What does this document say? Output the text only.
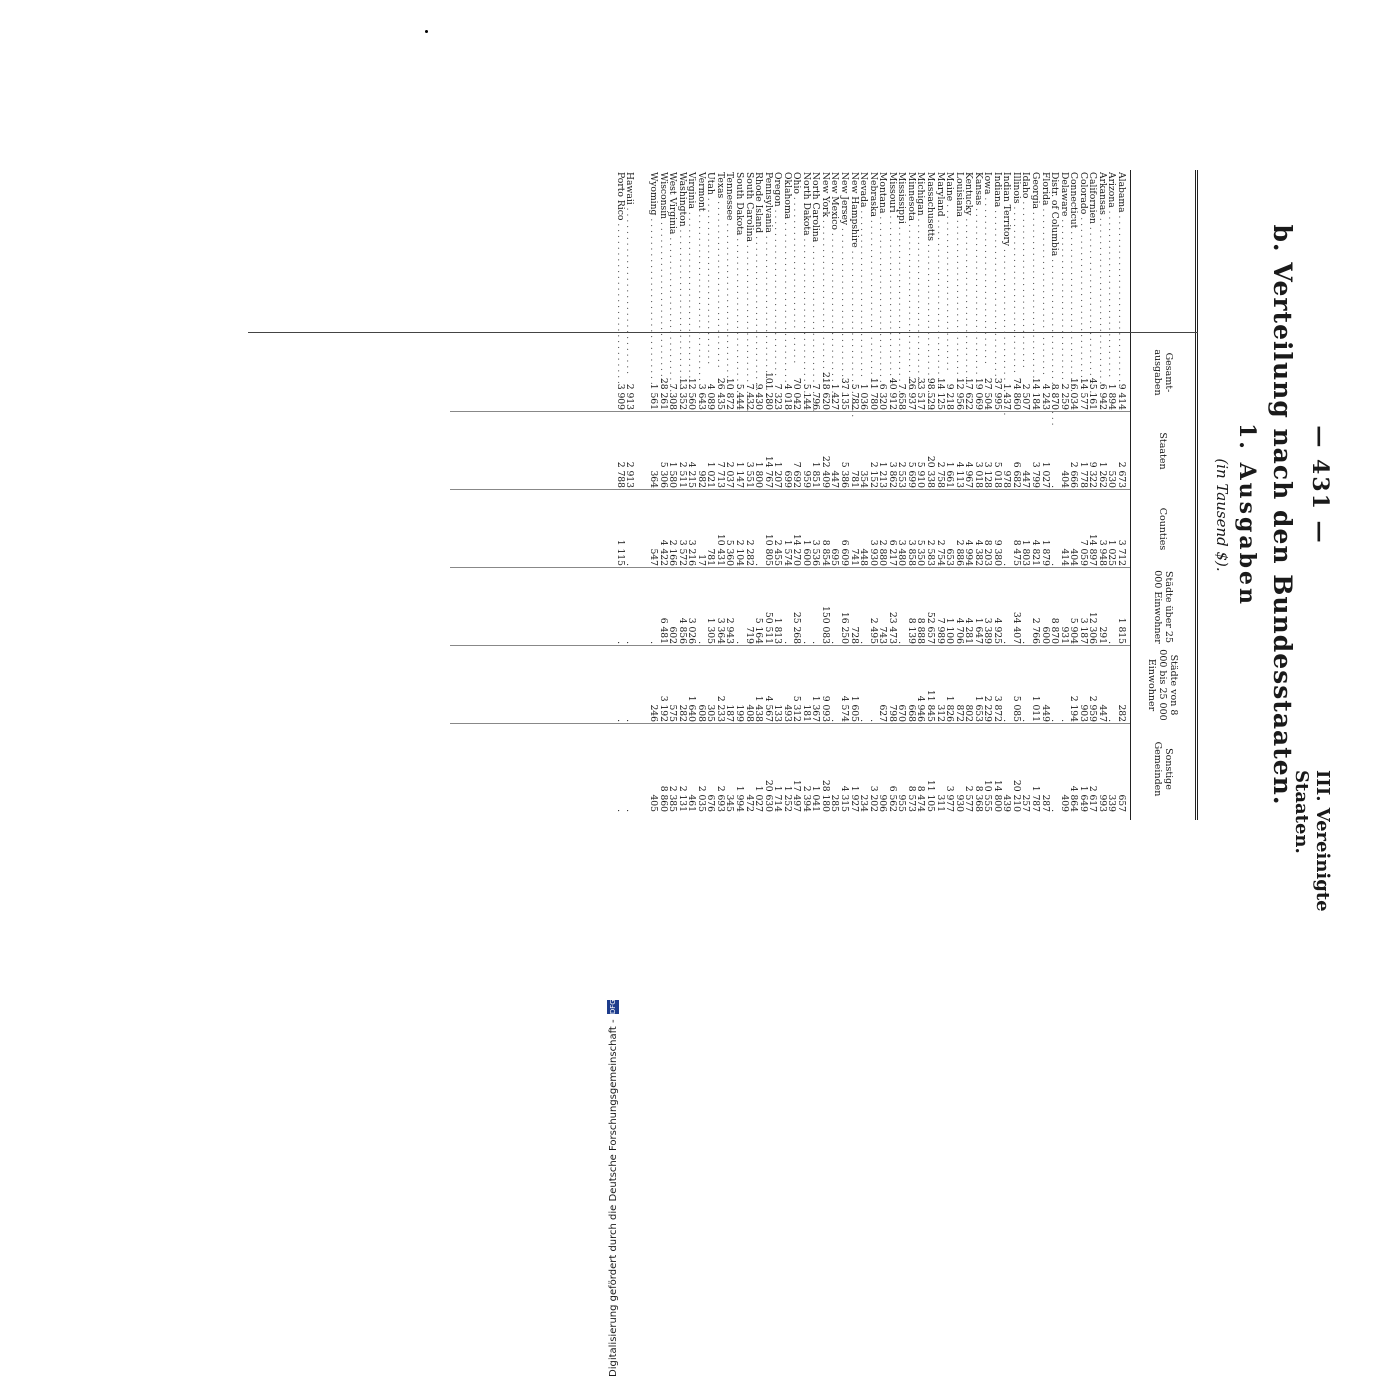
— 431 —
III. Vereinigte Staaten.
b. Verteilung nach den Bundesstaaten.
1. Ausgaben
(in Tausend $).
Gesamt-ausgaben
Staaten
Counties
Städte über 25 000 Einwohner
Städte von 8 000 bis 25 000 Einwohner
Sonstige Gemeinden
Alabama . . .
9 414
2 673
3 712
1 815
282
657
Arizona . . .
1 894
530
1 025
.
.
339
Arkansas . . .
6 942
1 262
3 948
291
447
993
Californien . . .
45 161
9 322
14 897
12 306
2 959
2 617
Colorado . . .
14 577
1 778
7 059
3 187
903
1 649
Connecticut . . .
16 034
2 666
404
5 904
2 194
4 864
Delaware . . .
2 259
404
414
931
.
409
Distr. of Columbia . . .
8 870
.
.
8 870
.
.
Florida . . .
4 243
1 027
1 879
600
449
287
Georgia . . .
14 184
3 799
4 821
2 766
1 011
1 787
Idaho . . .
2 507
447
1 803
.
.
257
Illinois . . .
74 860
6 682
8 475
34 407
5 085
20 210
Indian Territory . . .
1 437
978
.
.
.
439
Indiana . . .
37 995
5 018
9 380
4 925
3 872
14 800
Iowa . . .
27 504
3 128
8 203
3 389
2 229
10 555
Kansas . . .
19 069
3 018
4 382
1 647
1 653
8 368
Kentucky . . .
17 622
4 967
4 994
4 281
802
2 577
Louisiana . . .
12 956
4 113
2 886
4 706
872
930
Maine . . .
9 218
1 661
653
1 100
1 826
3 977
Maryland . . .
14 125
2 758
2 754
7 989
312
311
Massachusetts . . .
98 529
20 338
2 583
52 657
11 845
11 105
Michigan . . .
33 517
5 910
5 350
8 888
4 946
8 474
Minnesota . . .
26 937
5 699
3 858
8 139
668
8 573
Mississippi . . .
7 658
2 553
3 480
.
670
955
Missouri . . .
40 912
3 862
6 217
23 473
798
6 562
Montana . . .
6 320
1 213
2 880
743
627
906
Nebraska . . .
11 780
2 152
3 930
2 495
.
3 202
Nevada . . .
1 036
354
448
.
.
234
New Hampshire . . .
5 782
781
741
728
1 605
1 927
New Jersey . . .
37 135
5 386
6 609
16 250
4 574
4 315
New Mexico . . .
1 427
447
695
.
.
285
New York . . .
218 620
22 409
8 854
150 083
9 093
28 180
North Carolina . . .
7 796
1 851
3 536
.
1 367
1 041
North Dakota . . .
5 144
959
1 600
.
181
2 394
Ohio . . .
70 042
7 692
14 270
25 268
5 312
17 497
Oklahoma . . .
4 018
699
1 574
.
493
1 252
Oregon . . .
7 323
1 207
2 455
1 813
133
1 714
Pennsylvania . . .
101 280
14 767
10 805
50 511
4 567
20 630
Rhode Island . . .
9 430
1 800
.
5 164
1 438
1 027
South Carolina . . .
7 432
3 551
2 282
719
408
472
South Dakota . . .
5 444
1 147
2 104
.
199
1 994
Tennessee . . .
10 872
2 037
5 360
2 943
187
345
Texas . . .
26 435
7 713
10 431
3 364
2 233
2 693
Utah . . .
4 089
1 021
781
1 305
305
676
Vermont . . .
3 643
982
17
.
608
2 035
Virginia . . .
12 560
4 215
3 216
3 026
1 640
461
Washington . . .
13 352
2 511
3 572
4 856
282
2 131
West Virginia . . .
7 308
1 580
2 166
602
575
2 385
Wisconsin . . .
28 261
5 306
4 422
6 481
3 192
8 860
Wyoming . . .
1 561
364
547
.
246
405
Hawaii . . .
2 913
2 913
.
.
.
.
Porto Rico . . .
3 909
2 788
1 115
.
.
.
Digitalisierung gefördert durch die Deutsche Forschungsgemeinschaft - DFG
